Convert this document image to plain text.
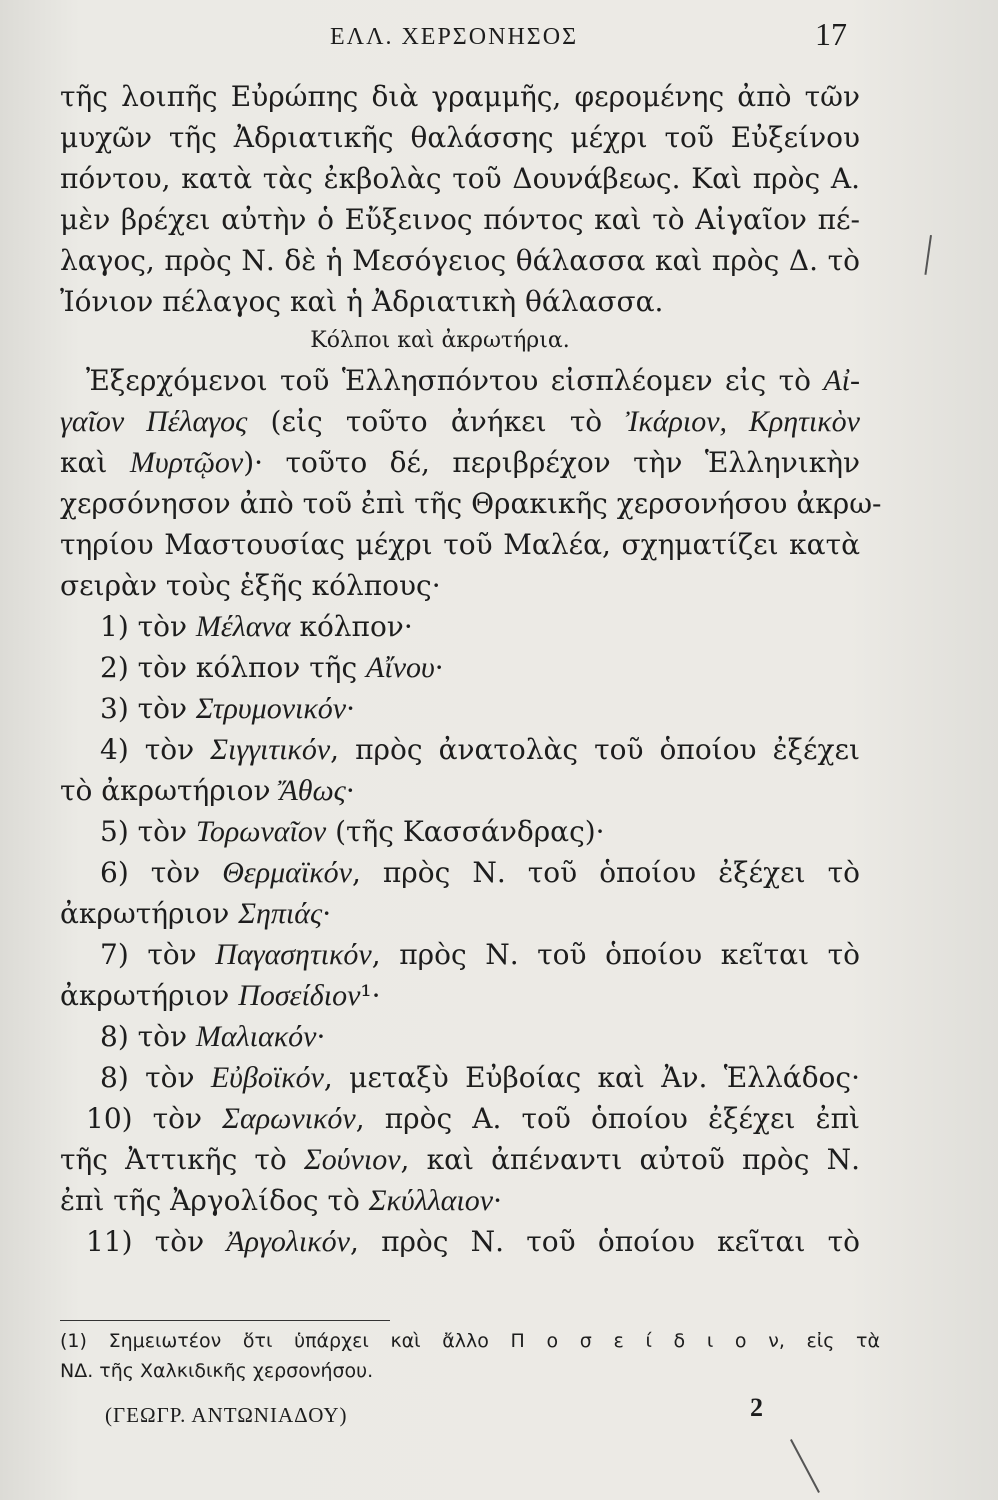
ΕΛΛ. ΧΕΡΣΟΝΗΣΟΣ	17
τῆς λοιπῆς Εὐρώπης διὰ γραμμῆς, φερομένης ἀπὸ τῶν
μυχῶν τῆς Ἀδριατικῆς θαλάσσης μέχρι τοῦ Εὐξείνου
πόντου, κατὰ τὰς ἐκβολὰς τοῦ Δουνάβεως. Καὶ πρὸς Α.
μὲν βρέχει αὐτὴν ὁ Εὔξεινος πόντος καὶ τὸ Αἰγαῖον πέ-
λαγος, πρὸς Ν. δὲ ἡ Μεσόγειος θάλασσα καὶ πρὸς Δ. τὸ
Ἰόνιον πέλαγος καὶ ἡ Ἀδριατικὴ θάλασσα.
Κόλποι καὶ ἀκρωτήρια.
Ἐξερχόμενοι τοῦ Ἑλλησπόντου εἰσπλέομεν εἰς τὸ Αἰ-
γαῖον Πέλαγος (εἰς τοῦτο ἀνήκει τὸ Ἰκάριον, Κρητικὸν
καὶ Μυρτῷον)· τοῦτο δέ, περιβρέχον τὴν Ἑλληνικὴν
χερσόνησον ἀπὸ τοῦ ἐπὶ τῆς Θρακικῆς χερσονήσου ἀκρω-
τηρίου Μαστουσίας μέχρι τοῦ Μαλέα, σχηματίζει κατὰ
σειρὰν τοὺς ἑξῆς κόλπους·
1) τὸν Μέλανα κόλπον·
2) τὸν κόλπον τῆς Αἴνου·
3) τὸν Στρυμονικόν·
4) τὸν Σιγγιτικόν, πρὸς ἀνατολὰς τοῦ ὁποίου ἐξέχει
τὸ ἀκρωτήριον Ἄθως·
5) τὸν Τορωναῖον (τῆς Κασσάνδρας)·
6) τὸν Θερμαϊκόν, πρὸς Ν. τοῦ ὁποίου ἐξέχει τὸ
ἀκρωτήριον Σηπιάς·
7) τὸν Παγασητικόν, πρὸς Ν. τοῦ ὁποίου κεῖται τὸ
ἀκρωτήριον Ποσείδιον¹·
8) τὸν Μαλιακόν·
8) τὸν Εὐβοϊκόν, μεταξὺ Εὐβοίας καὶ Ἀν. Ἑλλάδος·
10) τὸν Σαρωνικόν, πρὸς Α. τοῦ ὁποίου ἐξέχει ἐπὶ
τῆς Ἀττικῆς τὸ Σούνιον, καὶ ἀπέναντι αὐτοῦ πρὸς Ν.
ἐπὶ τῆς Ἀργολίδος τὸ Σκύλλαιον·
11) τὸν Ἀργολικόν, πρὸς Ν. τοῦ ὁποίου κεῖται τὸ
(1) Σημειωτέον ὅτι ὑπάρχει καὶ ἄλλο Π ο σ ε ί δ ι ο ν, εἰς τὰ
ΝΔ. τῆς Χαλκιδικῆς χερσονήσου.
(ΓΕΩΓΡ. ΑΝΤΩΝΙΑΔΟΥ)	2
